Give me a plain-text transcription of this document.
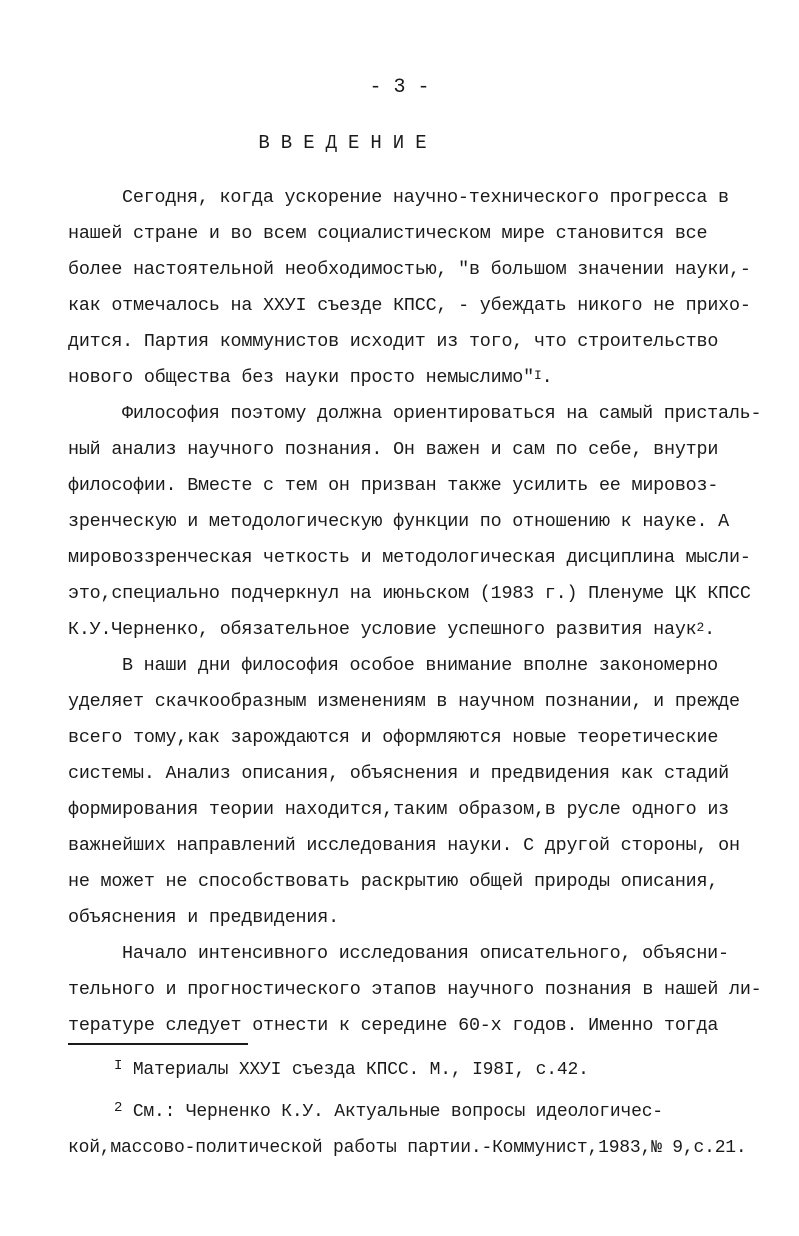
- 3 -
ВВЕДЕНИЕ
Сегодня, когда ускорение научно-технического прогресса в
нашей стране и во всем социалистическом мире становится все
более настоятельной необходимостью, "в большом значении науки,-
как отмечалось на XXУI съезде КПСС, - убеждать никого не прихо-
дится. Партия коммунистов исходит из того, что строительство
нового общества без науки просто немыслимо"$^I$.
Философия поэтому должна ориентироваться на самый присталь-
ный анализ научного познания. Он важен и сам по себе, внутри
философии. Вместе с тем он призван также усилить ее мировоз-
зренческую и методологическую функции по отношению к науке. А
мировоззренческая четкость и методологическая дисциплина мысли-
это,специально подчеркнул на июньском (1983 г.) Пленуме ЦК КПСС
К.У.Черненко, обязательное условие успешного развития наук$^2$.
В наши дни философия особое внимание вполне закономерно
уделяет скачкообразным изменениям в научном познании, и прежде
всего тому,как зарождаются и оформляются новые теоретические
системы. Анализ описания, объяснения и предвидения как стадий
формирования теории находится,таким образом,в русле одного из
важнейших направлений исследования науки. С другой стороны, он
не может не способствовать раскрытию общей природы описания,
объяснения и предвидения.
Начало интенсивного исследования описательного, объясни-
тельного и прогностического этапов научного познания в нашей ли-
тературе следует отнести к середине 60-х годов. Именно тогда
$^I$ Материалы XXУI съезда КПСС. М., I98I, с.42.
$^2$ См.: Черненко К.У. Актуальные вопросы идеологичес-
кой,массово-политической работы партии.-Коммунист,1983,№ 9,с.21.
